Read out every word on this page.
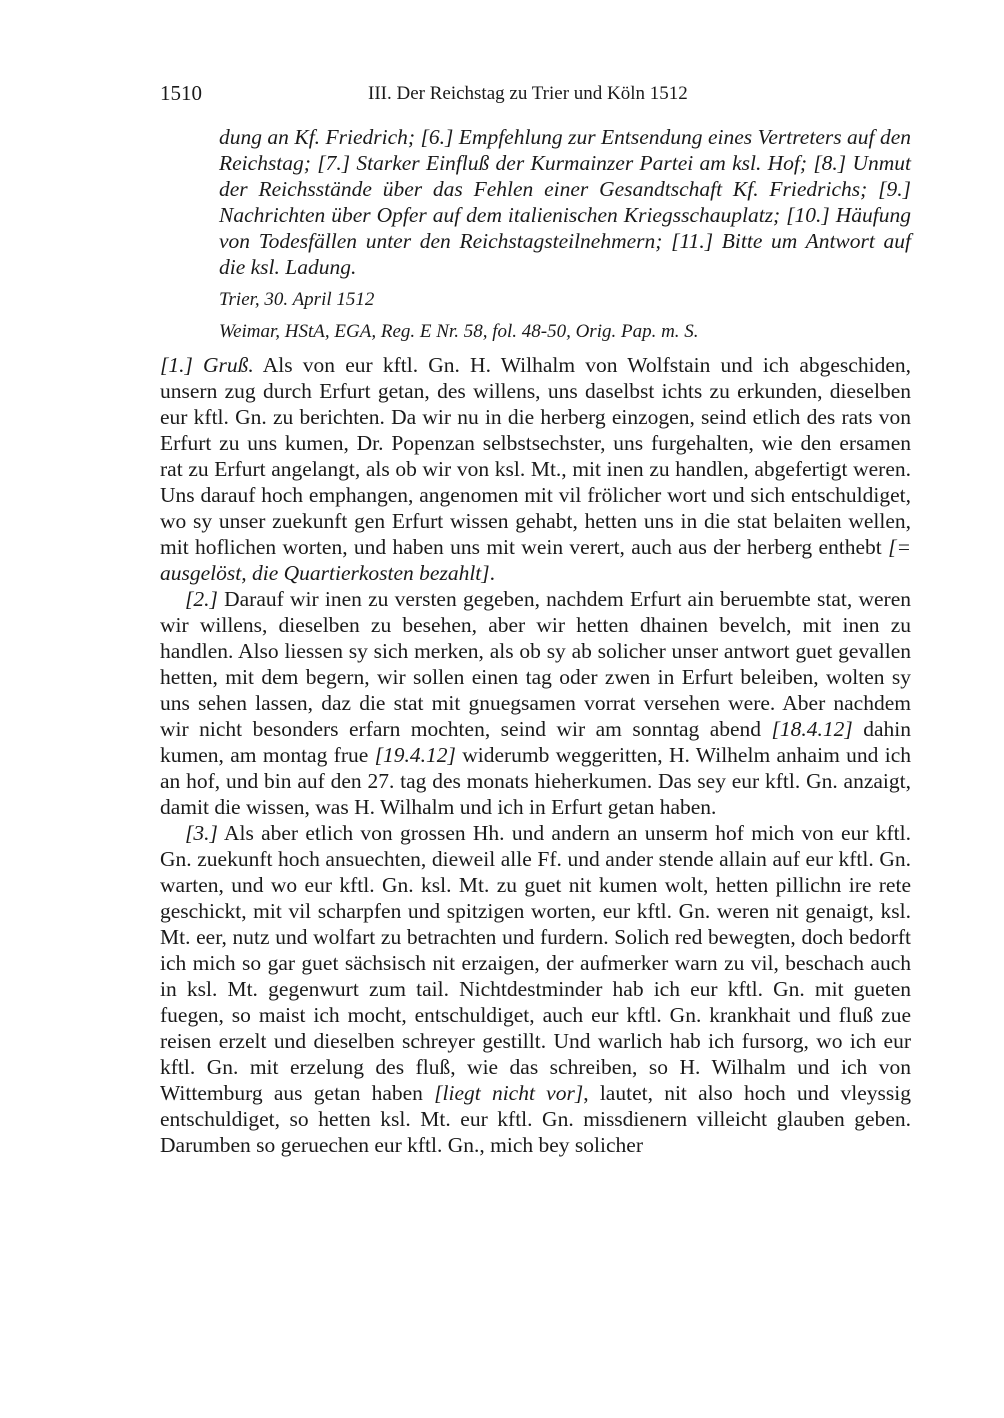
1510	III. Der Reichstag zu Trier und Köln 1512

dung an Kf. Friedrich; [6.] Empfehlung zur Entsendung eines Vertreters auf den Reichstag; [7.] Starker Einfluß der Kurmainzer Partei am ksl. Hof; [8.] Unmut der Reichsstände über das Fehlen einer Gesandtschaft Kf. Friedrichs; [9.] Nachrichten über Opfer auf dem italienischen Kriegsschauplatz; [10.] Häufung von Todesfällen unter den Reichstagsteilnehmern; [11.] Bitte um Antwort auf die ksl. Ladung.

Trier, 30. April 1512

Weimar, HStA, EGA, Reg. E Nr. 58, fol. 48-50, Orig. Pap. m. S.

[1.] Gruß. Als von eur kftl. Gn. H. Wilhalm von Wolfstain und ich abgeschiden, unsern zug durch Erfurt getan, des willens, uns daselbst ichts zu erkunden, dieselben eur kftl. Gn. zu berichten. Da wir nu in die herberg einzogen, seind etlich des rats von Erfurt zu uns kumen, Dr. Popenzan selbstsechster, uns furgehalten, wie den ersamen rat zu Erfurt angelangt, als ob wir von ksl. Mt., mit inen zu handlen, abgefertigt weren. Uns darauf hoch emphangen, angenomen mit vil frölicher wort und sich entschuldiget, wo sy unser zuekunft gen Erfurt wissen gehabt, hetten uns in die stat belaiten wellen, mit hoflichen worten, und haben uns mit wein verert, auch aus der herberg enthebt [= ausgelöst, die Quartierkosten bezahlt].

[2.] Darauf wir inen zu versten gegeben, nachdem Erfurt ain beruembte stat, weren wir willens, dieselben zu besehen, aber wir hetten dhainen bevelch, mit inen zu handlen. Also liessen sy sich merken, als ob sy ab solicher unser antwort guet gevallen hetten, mit dem begern, wir sollen einen tag oder zwen in Erfurt beleiben, wolten sy uns sehen lassen, daz die stat mit gnuegsamen vorrat versehen were. Aber nachdem wir nicht besonders erfarn mochten, seind wir am sonntag abend [18.4.12] dahin kumen, am montag frue [19.4.12] widerumb weggeritten, H. Wilhelm anhaim und ich an hof, und bin auf den 27. tag des monats hieherkumen. Das sey eur kftl. Gn. anzaigt, damit die wissen, was H. Wilhalm und ich in Erfurt getan haben.

[3.] Als aber etlich von grossen Hh. und andern an unserm hof mich von eur kftl. Gn. zuekunft hoch ansuechten, dieweil alle Ff. und ander stende allain auf eur kftl. Gn. warten, und wo eur kftl. Gn. ksl. Mt. zu guet nit kumen wolt, hetten pillichn ire rete geschickt, mit vil scharpfen und spitzigen worten, eur kftl. Gn. weren nit genaigt, ksl. Mt. eer, nutz und wolfart zu betrachten und furdern. Solich red bewegten, doch bedorft ich mich so gar guet sächsisch nit erzaigen, der aufmerker warn zu vil, beschach auch in ksl. Mt. gegenwurt zum tail. Nichtdestminder hab ich eur kftl. Gn. mit gueten fuegen, so maist ich mocht, entschuldiget, auch eur kftl. Gn. krankhait und fluß zue reisen erzelt und dieselben schreyer gestillt. Und warlich hab ich fursorg, wo ich eur kftl. Gn. mit erzelung des fluß, wie das schreiben, so H. Wilhalm und ich von Wittemburg aus getan haben [liegt nicht vor], lautet, nit also hoch und vleyssig entschuldiget, so hetten ksl. Mt. eur kftl. Gn. missdienern villeicht glauben geben. Darumben so geruechen eur kftl. Gn., mich bey solicher
